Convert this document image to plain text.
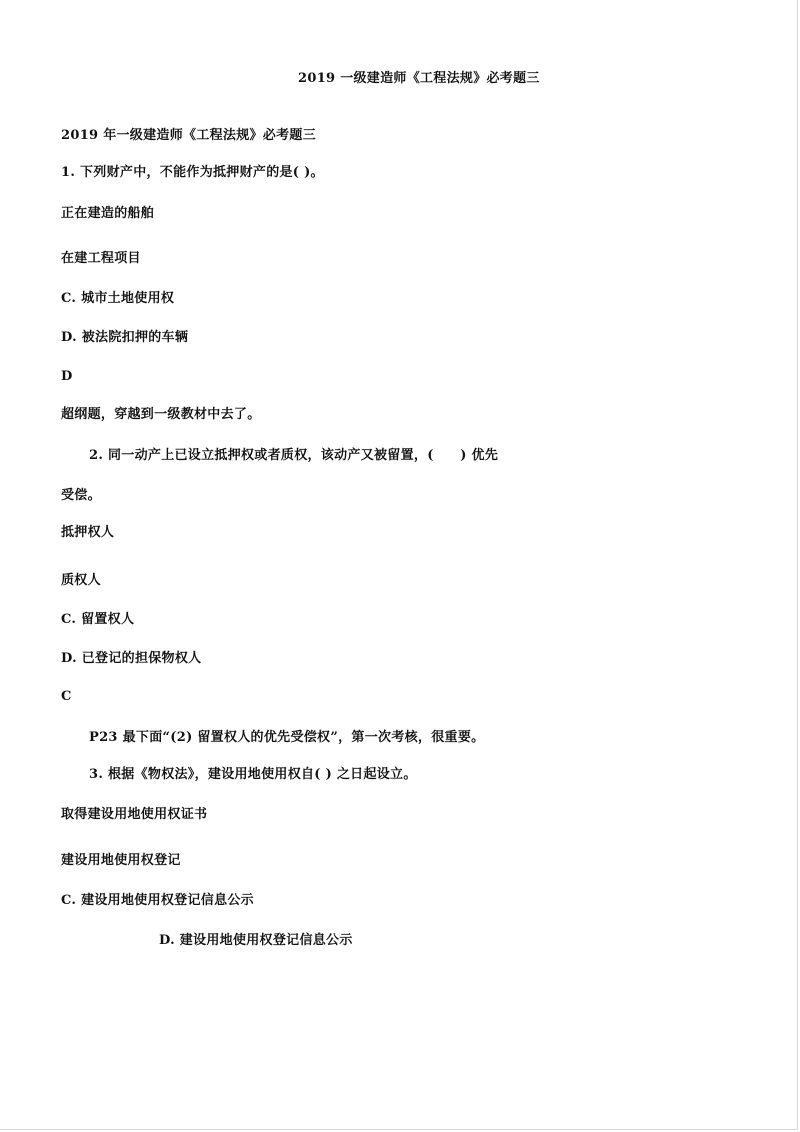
2019 一级建造师《工程法规》必考题三
2019 年一级建造师《工程法规》必考题三
1. 下列财产中，不能作为抵押财产的是( )。
正在建造的船舶
在建工程项目
C. 城市土地使用权
D. 被法院扣押的车辆
D
超纲题，穿越到一级教材中去了。
2. 同一动产上已设立抵押权或者质权，该动产又被留置，(　　) 优先
受偿。
抵押权人
质权人
C. 留置权人
D. 已登记的担保物权人
C
P23 最下面“(2) 留置权人的优先受偿权”，第一次考核，很重要。
3. 根据《物权法》，建设用地使用权自( ) 之日起设立。
取得建设用地使用权证书
建设用地使用权登记
C. 建设用地使用权登记信息公示
D. 建设用地使用权登记信息公示
